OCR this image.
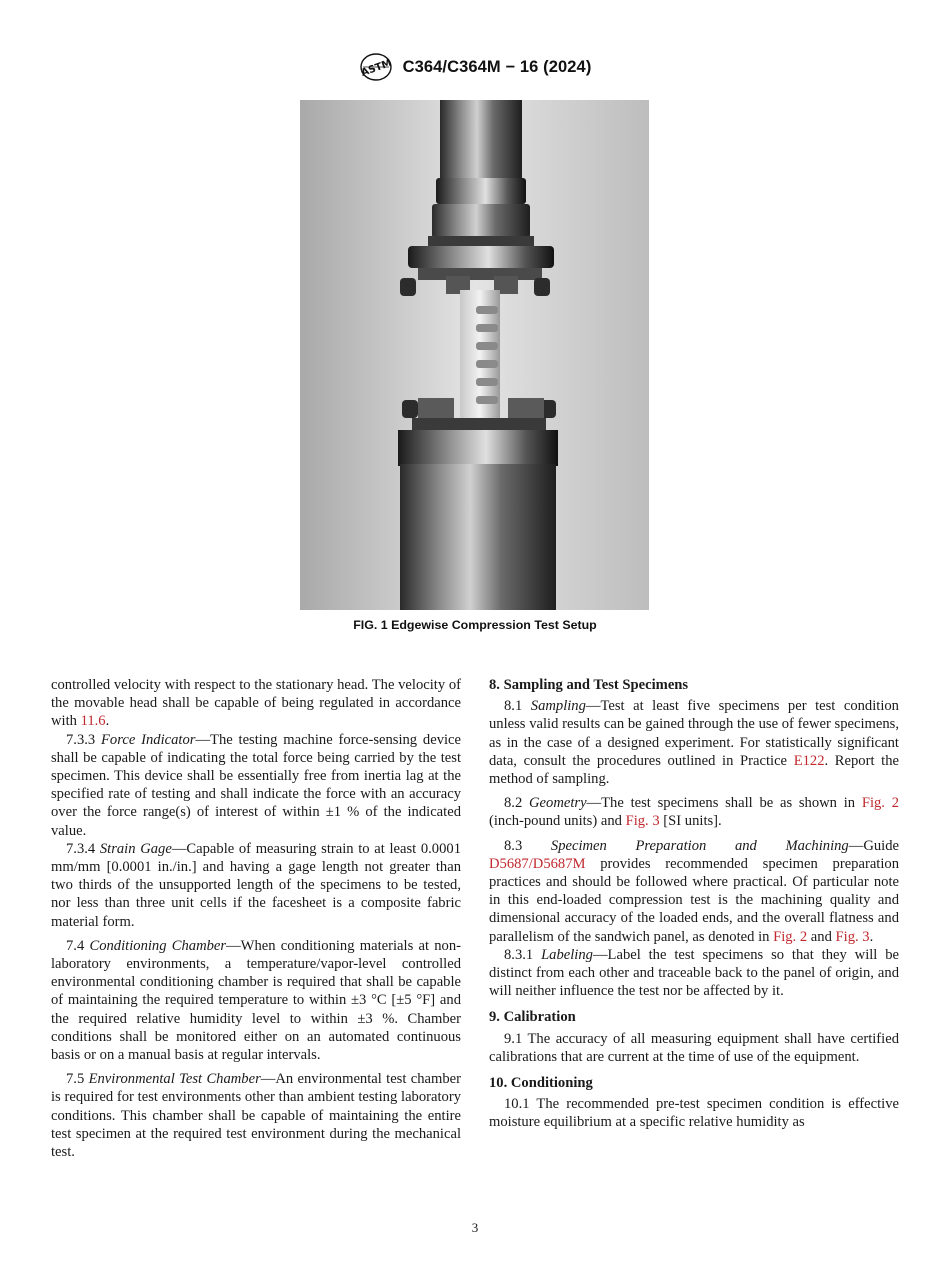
ASTM C364/C364M − 16 (2024)
FIG. 1 Edgewise Compression Test Setup

controlled velocity with respect to the stationary head. The velocity of the movable head shall be capable of being regulated in accordance with 11.6.

7.3.3 Force Indicator—The testing machine force-sensing device shall be capable of indicating the total force being carried by the test specimen. This device shall be essentially free from inertia lag at the specified rate of testing and shall indicate the force with an accuracy over the force range(s) of interest of within ±1 % of the indicated value.

7.3.4 Strain Gage—Capable of measuring strain to at least 0.0001 mm/mm [0.0001 in./in.] and having a gage length not greater than two thirds of the unsupported length of the specimens to be tested, nor less than three unit cells if the facesheet is a composite fabric material form.

7.4 Conditioning Chamber—When conditioning materials at non-laboratory environments, a temperature/vapor-level controlled environmental conditioning chamber is required that shall be capable of maintaining the required temperature to within ±3 °C [±5 °F] and the required relative humidity level to within ±3 %. Chamber conditions shall be monitored either on an automated continuous basis or on a manual basis at regular intervals.

7.5 Environmental Test Chamber—An environmental test chamber is required for test environments other than ambient testing laboratory conditions. This chamber shall be capable of maintaining the entire test specimen at the required test environment during the mechanical test.

8. Sampling and Test Specimens

8.1 Sampling—Test at least five specimens per test condition unless valid results can be gained through the use of fewer specimens, as in the case of a designed experiment. For statistically significant data, consult the procedures outlined in Practice E122. Report the method of sampling.

8.2 Geometry—The test specimens shall be as shown in Fig. 2 (inch-pound units) and Fig. 3 [SI units].

8.3 Specimen Preparation and Machining—Guide D5687/D5687M provides recommended specimen preparation practices and should be followed where practical. Of particular note in this end-loaded compression test is the machining quality and dimensional accuracy of the loaded ends, and the overall flatness and parallelism of the sandwich panel, as denoted in Fig. 2 and Fig. 3.

8.3.1 Labeling—Label the test specimens so that they will be distinct from each other and traceable back to the panel of origin, and will neither influence the test nor be affected by it.

9. Calibration

9.1 The accuracy of all measuring equipment shall have certified calibrations that are current at the time of use of the equipment.

10. Conditioning

10.1 The recommended pre-test specimen condition is effective moisture equilibrium at a specific relative humidity as

3
